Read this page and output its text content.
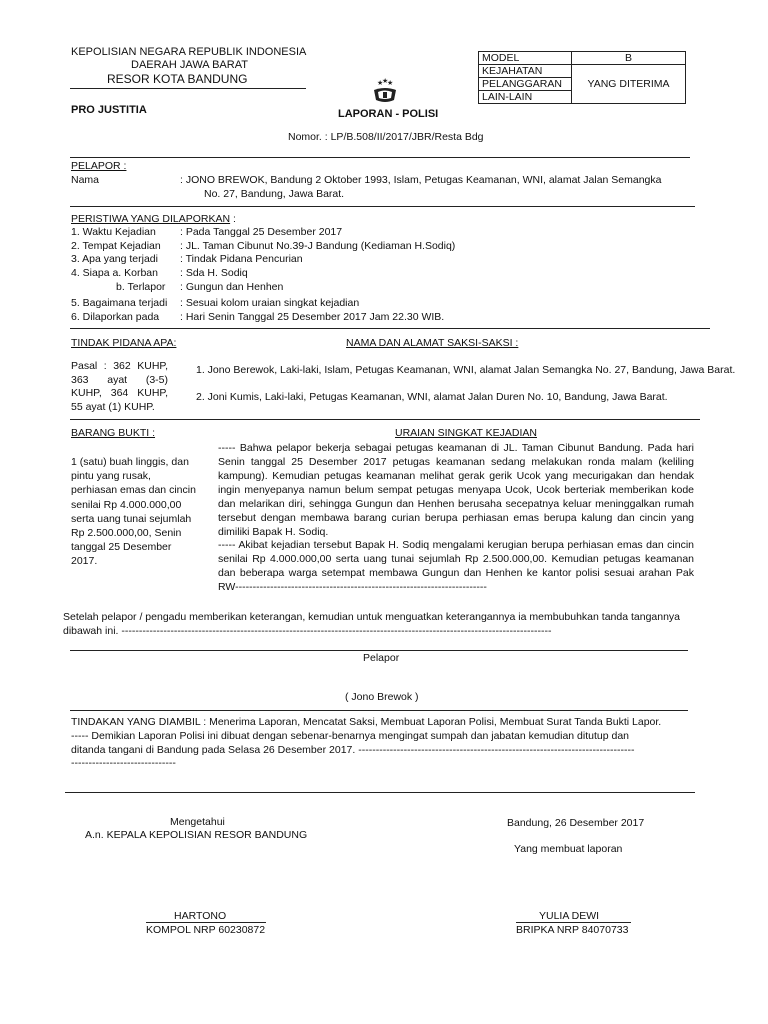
KEPOLISIAN NEGARA REPUBLIK INDONESIA
DAERAH JAWA BARAT
RESOR KOTA BANDUNG
PRO JUSTITIA
★
★
★
LAPORAN - POLISI
Nomor. : LP/B.508/II/2017/JBR/Resta Bdg
MODEL	B
KEJAHATAN	YANG DITERIMA
PELANGGARAN	
LAIN-LAIN	
PELAPOR :
Nama	: JONO BREWOK, Bandung 2 Oktober 1993, Islam, Petugas Keamanan, WNI, alamat Jalan Semangka
No. 27, Bandung, Jawa Barat.
PERISTIWA YANG DILAPORKAN :
1. Waktu Kejadian : Pada Tanggal 25 Desember 2017
2. Tempat Kejadian : JL. Taman Cibunut No.39-J Bandung (Kediaman H.Sodiq)
3. Apa yang terjadi : Tindak Pidana Pencurian
4. Siapa a. Korban : Sda H. Sodiq
b. Terlapor : Gungun dan Henhen
5. Bagaimana terjadi : Sesuai kolom uraian singkat kejadian
6. Dilaporkan pada : Hari Senin Tanggal 25 Desember 2017 Jam 22.30 WIB.
TINDAK PIDANA APA:	NAMA DAN ALAMAT SAKSI-SAKSI :
Pasal : 362 KUHP, 363 ayat (3-5) KUHP, 364 KUHP, 55 ayat (1) KUHP.
1. Jono Berewok, Laki-laki, Islam, Petugas Keamanan, WNI, alamat Jalan Semangka No. 27, Bandung, Jawa Barat.
2. Joni Kumis, Laki-laki, Petugas Keamanan, WNI, alamat Jalan Duren No. 10, Bandung, Jawa Barat.
BARANG BUKTI :	URAIAN SINGKAT KEJADIAN
1 (satu) buah linggis, dan pintu yang rusak, perhiasan emas dan cincin senilai Rp 4.000.000,00 serta uang tunai sejumlah Rp 2.500.000,00, Senin tanggal 25 Desember 2017.
----- Bahwa pelapor bekerja sebagai petugas keamanan di JL. Taman Cibunut Bandung. Pada hari Senin tanggal 25 Desember 2017 petugas keamanan sedang melakukan ronda malam (keliling kampung). Kemudian petugas keamanan melihat gerak gerik Ucok yang mecurigakan dan hendak ingin menyepanya namun belum sempat petugas menyapa Ucok, Ucok berteriak memberikan kode dan melarikan diri, sehingga Gungun dan Henhen berusaha secepatnya keluar meninggalkan rumah tersebut dengan membawa barang curian berupa perhiasan emas berupa kalung dan cincin yang dimiliki Bapak H. Sodiq.
----- Akibat kejadian tersebut Bapak H. Sodiq mengalami kerugian berupa perhiasan emas dan cincin senilai Rp 4.000.000,00 serta uang tunai sejumlah Rp 2.500.000,00. Kemudian petugas keamanan dan beberapa warga setempat membawa Gungun dan Henhen ke kantor polisi sesuai arahan Pak RW------------------------------------------------------------------------
Setelah pelapor / pengadu memberikan keterangan, kemudian untuk menguatkan keterangannya ia membubuhkan tanda tangannya
dibawah ini. ---------------------------------------------------------------------------------------------------------------------------
Pelapor
( Jono Brewok )
TINDAKAN YANG DIAMBIL : Menerima Laporan, Mencatat Saksi, Membuat Laporan Polisi, Membuat Surat Tanda Bukti Lapor.
----- Demikian Laporan Polisi ini dibuat dengan sebenar-benarnya mengingat sumpah dan jabatan kemudian ditutup dan
ditanda tangani di Bandung pada Selasa 26 Desember 2017. -------------------------------------------------------------------------------
------------------------------
Mengetahui
A.n. KEPALA KEPOLISIAN RESOR BANDUNG
Bandung, 26 Desember 2017
Yang membuat laporan
HARTONO
KOMPOL NRP 60230872
YULIA DEWI
BRIPKA NRP 84070733
